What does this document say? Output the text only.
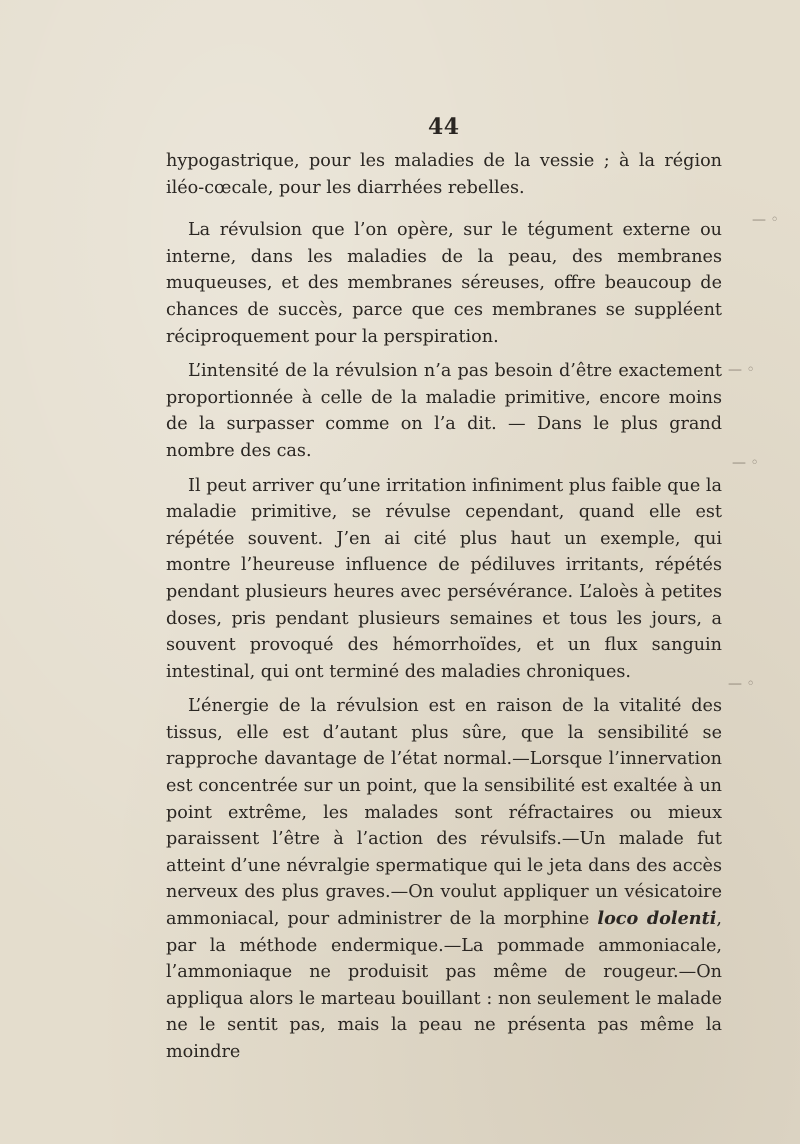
44

hypogastrique, pour les maladies de la vessie ; à la région iléo-cœcale, pour les diarrhées rebelles.

La révulsion que l’on opère, sur le tégument externe ou interne, dans les maladies de la peau, des membranes muqueuses, et des membranes séreuses, offre beaucoup de chances de succès, parce que ces membranes se suppléent réciproquement pour la perspiration.

L’intensité de la révulsion n’a pas besoin d’être exactement proportionnée à celle de la maladie primitive, encore moins de la surpasser comme on l’a dit. — Dans le plus grand nombre des cas.

Il peut arriver qu’une irritation infiniment plus faible que la maladie primitive, se révulse cependant, quand elle est répétée souvent. J’en ai cité plus haut un exemple, qui montre l’heureuse influence de pédiluves irritants, répétés pendant plusieurs heures avec persévérance. L’aloès à petites doses, pris pendant plusieurs semaines et tous les jours, a souvent provoqué des hémorrhoïdes, et un flux sanguin intestinal, qui ont terminé des maladies chroniques.

L’énergie de la révulsion est en raison de la vitalité des tissus, elle est d’autant plus sûre, que la sensibilité se rapproche davantage de l’état normal.—Lorsque l’innervation est concentrée sur un point, que la sensibilité est exaltée à un point extrême, les malades sont réfractaires ou mieux paraissent l’être à l’action des révulsifs.—Un malade fut atteint d’une névralgie spermatique qui le jeta dans des accès nerveux des plus graves.—On voulut appliquer un vésicatoire ammoniacal, pour administrer de la morphine loco dolenti, par la méthode endermique.—La pommade ammoniacale, l’ammoniaque ne produisit pas même de rougeur.—On appliqua alors le marteau bouillant : non seulement le malade ne le sentit pas, mais la peau ne présenta pas même la moindre

— ◦
— ◦
— ◦
— ◦
